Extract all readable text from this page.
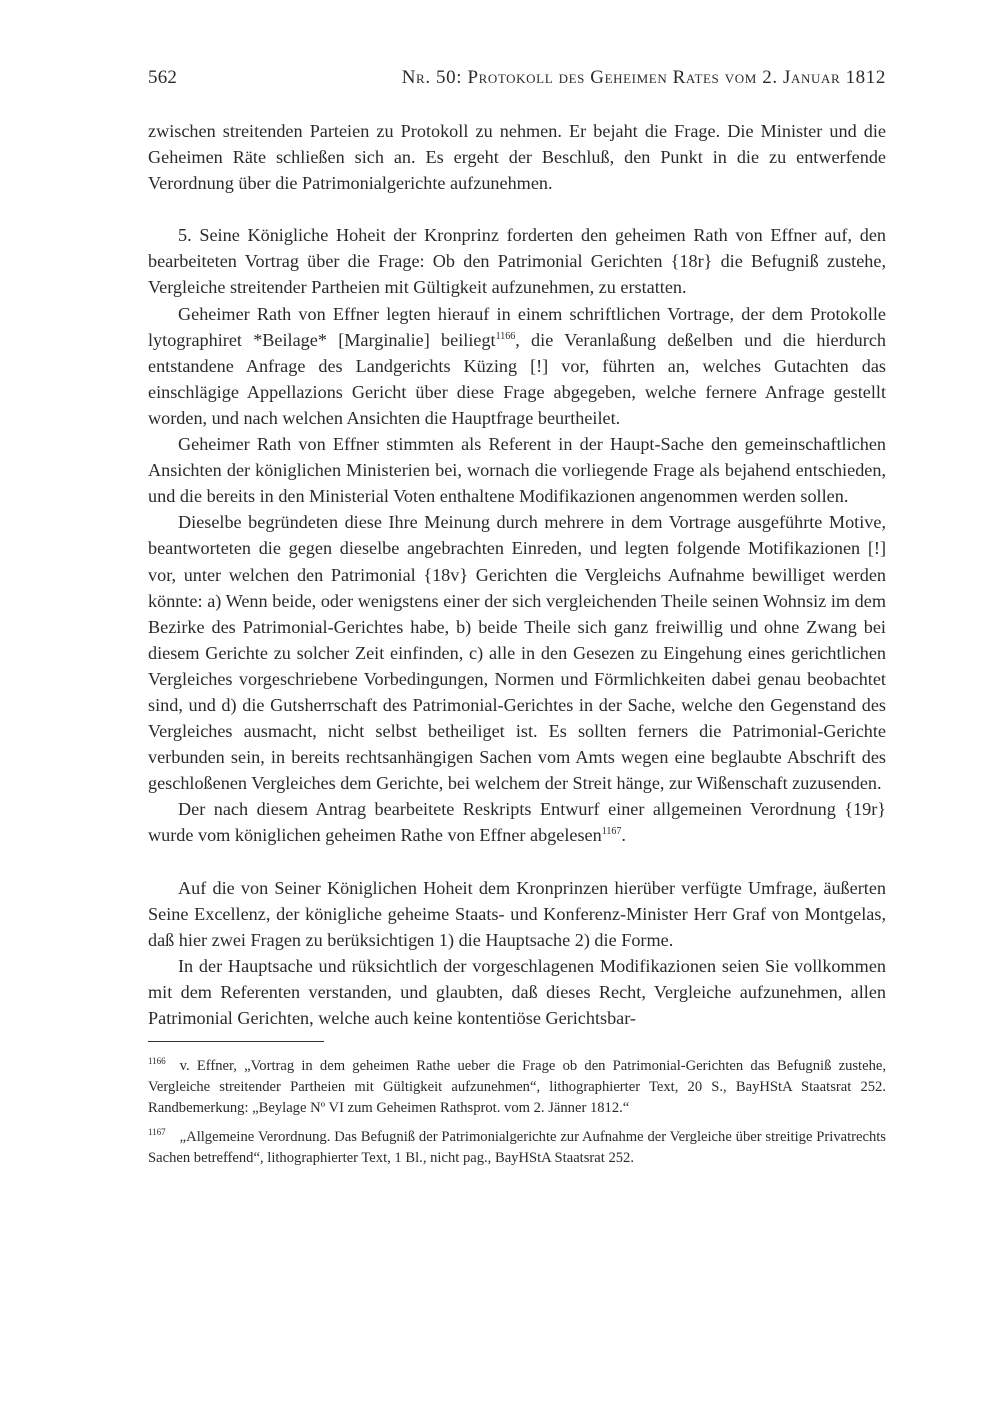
562	Nr. 50: Protokoll des Geheimen Rates vom 2. Januar 1812

zwischen streitenden Parteien zu Protokoll zu nehmen. Er bejaht die Frage. Die Minister und die Geheimen Räte schließen sich an. Es ergeht der Beschluß, den Punkt in die zu entwerfende Verordnung über die Patrimonialgerichte aufzunehmen.

5. Seine Königliche Hoheit der Kronprinz forderten den geheimen Rath von Effner auf, den bearbeiteten Vortrag über die Frage: Ob den Patrimonial Gerichten {18r} die Befugniß zustehe, Vergleiche streitender Partheien mit Gültigkeit aufzunehmen, zu erstatten.

Geheimer Rath von Effner legten hierauf in einem schriftlichen Vortrage, der dem Protokolle lytographiret *Beilage* [Marginalie] beiliegt$^{1166}$, die Veranlaßung deßelben und die hierdurch entstandene Anfrage des Landgerichts Küzing [!] vor, führten an, welches Gutachten das einschlägige Appellazions Gericht über diese Frage abgegeben, welche fernere Anfrage gestellt worden, und nach welchen Ansichten die Hauptfrage beurtheilet.

Geheimer Rath von Effner stimmten als Referent in der Haupt-Sache den gemeinschaftlichen Ansichten der königlichen Ministerien bei, wornach die vorliegende Frage als bejahend entschieden, und die bereits in den Ministerial Voten enthaltene Modifikazionen angenommen werden sollen.

Dieselbe begründeten diese Ihre Meinung durch mehrere in dem Vortrage ausgeführte Motive, beantworteten die gegen dieselbe angebrachten Einreden, und legten folgende Motifikazionen [!] vor, unter welchen den Patrimonial {18v} Gerichten die Vergleichs Aufnahme bewilliget werden könnte: a) Wenn beide, oder wenigstens einer der sich vergleichenden Theile seinen Wohnsiz im dem Bezirke des Patrimonial-Gerichtes habe, b) beide Theile sich ganz freiwillig und ohne Zwang bei diesem Gerichte zu solcher Zeit einfinden, c) alle in den Gesezen zu Eingehung eines gerichtlichen Vergleiches vorgeschriebene Vorbedingungen, Normen und Förmlichkeiten dabei genau beobachtet sind, und d) die Gutsherrschaft des Patrimonial-Gerichtes in der Sache, welche den Gegenstand des Vergleiches ausmacht, nicht selbst betheiliget ist. Es sollten ferners die Patrimonial-Gerichte verbunden sein, in bereits rechtsanhängigen Sachen vom Amts wegen eine beglaubte Abschrift des geschloßenen Vergleiches dem Gerichte, bei welchem der Streit hänge, zur Wißenschaft zuzusenden.

Der nach diesem Antrag bearbeitete Reskripts Entwurf einer allgemeinen Verordnung {19r} wurde vom königlichen geheimen Rathe von Effner abgelesen$^{1167}$.

Auf die von Seiner Königlichen Hoheit dem Kronprinzen hierüber verfügte Umfrage, äußerten Seine Excellenz, der königliche geheime Staats- und Konferenz-Minister Herr Graf von Montgelas, daß hier zwei Fragen zu berüksichtigen 1) die Hauptsache 2) die Forme.

In der Hauptsache und rüksichtlich der vorgeschlagenen Modifikazionen seien Sie vollkommen mit dem Referenten verstanden, und glaubten, daß dieses Recht, Vergleiche aufzunehmen, allen Patrimonial Gerichten, welche auch keine kontentiöse Gerichtsbar-

$^{1166}$ v. Effner, „Vortrag in dem geheimen Rathe ueber die Frage ob den Patrimonial-Gerichten das Befugniß zustehe, Vergleiche streitender Partheien mit Gültigkeit aufzunehmen“, lithographierter Text, 20 S., BayHStA Staatsrat 252. Randbemerkung: „Beylage Nº VI zum Geheimen Rathsprot. vom 2. Jänner 1812.“

$^{1167}$ „Allgemeine Verordnung. Das Befugniß der Patrimonialgerichte zur Aufnahme der Vergleiche über streitige Privatrechts Sachen betreffend“, lithographierter Text, 1 Bl., nicht pag., BayHStA Staatsrat 252.
